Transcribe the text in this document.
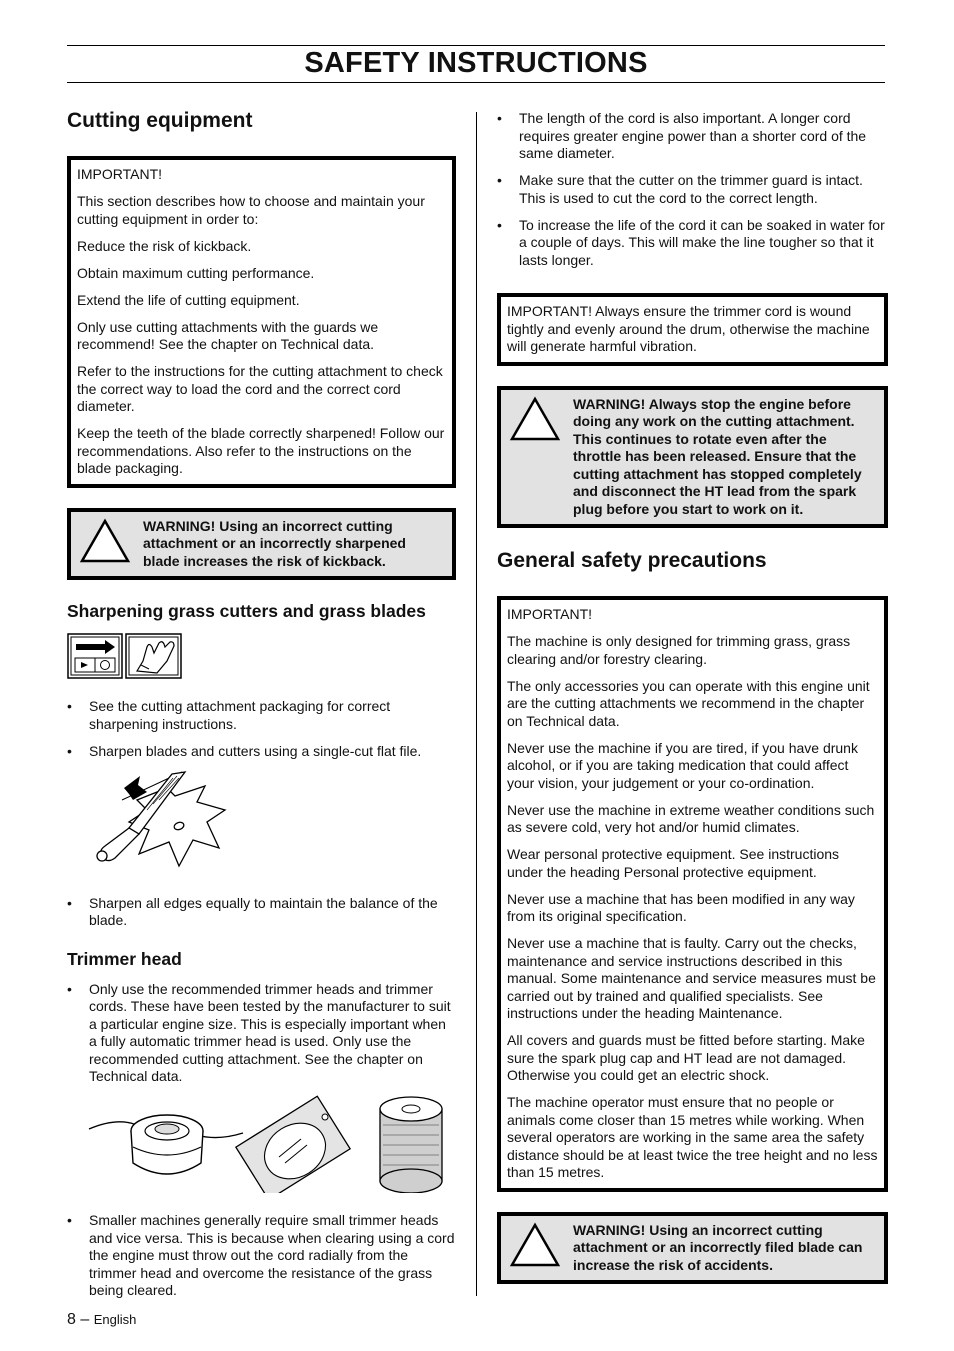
SAFETY INSTRUCTIONS
Cutting equipment

IMPORTANT!

This section describes how to choose and maintain your cutting equipment in order to:

Reduce the risk of kickback.

Obtain maximum cutting performance.

Extend the life of cutting equipment.

Only use cutting attachments with the guards we recommend! See the chapter on Technical data.

Refer to the instructions for the cutting attachment to check the correct way to load the cord and the correct cord diameter.

Keep the teeth of the blade correctly sharpened! Follow our recommendations. Also refer to the instructions on the blade packaging.

WARNING! Using an incorrect cutting attachment or an incorrectly sharpened blade increases the risk of kickback.
Sharpening grass cutters and grass blades
• See the cutting attachment packaging for correct sharpening instructions.
• Sharpen blades and cutters using a single-cut flat file.
• Sharpen all edges equally to maintain the balance of the blade.
Trimmer head
• Only use the recommended trimmer heads and trimmer cords. These have been tested by the manufacturer to suit a particular engine size. This is especially important when a fully automatic trimmer head is used. Only use the recommended cutting attachment. See the chapter on Technical data.
• Smaller machines generally require small trimmer heads and vice versa. This is because when clearing using a cord the engine must throw out the cord radially from the trimmer head and overcome the resistance of the grass being cleared.
• The length of the cord is also important. A longer cord requires greater engine power than a shorter cord of the same diameter.
• Make sure that the cutter on the trimmer guard is intact. This is used to cut the cord to the correct length.
• To increase the life of the cord it can be soaked in water for a couple of days. This will make the line tougher so that it lasts longer.

IMPORTANT! Always ensure the trimmer cord is wound tightly and evenly around the drum, otherwise the machine will generate harmful vibration.

WARNING! Always stop the engine before doing any work on the cutting attachment. This continues to rotate even after the throttle has been released. Ensure that the cutting attachment has stopped completely and disconnect the HT lead from the spark plug before you start to work on it.
General safety precautions

IMPORTANT!

The machine is only designed for trimming grass, grass clearing and/or forestry clearing.

The only accessories you can operate with this engine unit are the cutting attachments we recommend in the chapter on Technical data.

Never use the machine if you are tired, if you have drunk alcohol, or if you are taking medication that could affect your vision, your judgement or your co-ordination.

Never use the machine in extreme weather conditions such as severe cold, very hot and/or humid climates.

Wear personal protective equipment. See instructions under the heading Personal protective equipment.

Never use a machine that has been modified in any way from its original specification.

Never use a machine that is faulty. Carry out the checks, maintenance and service instructions described in this manual. Some maintenance and service measures must be carried out by trained and qualified specialists. See instructions under the heading Maintenance.

All covers and guards must be fitted before starting. Make sure the spark plug cap and HT lead are not damaged. Otherwise you could get an electric shock.

The machine operator must ensure that no people or animals come closer than 15 metres while working. When several operators are working in the same area the safety distance should be at least twice the tree height and no less than 15 metres.

WARNING! Using an incorrect cutting attachment or an incorrectly filed blade can increase the risk of accidents.
8 – English
